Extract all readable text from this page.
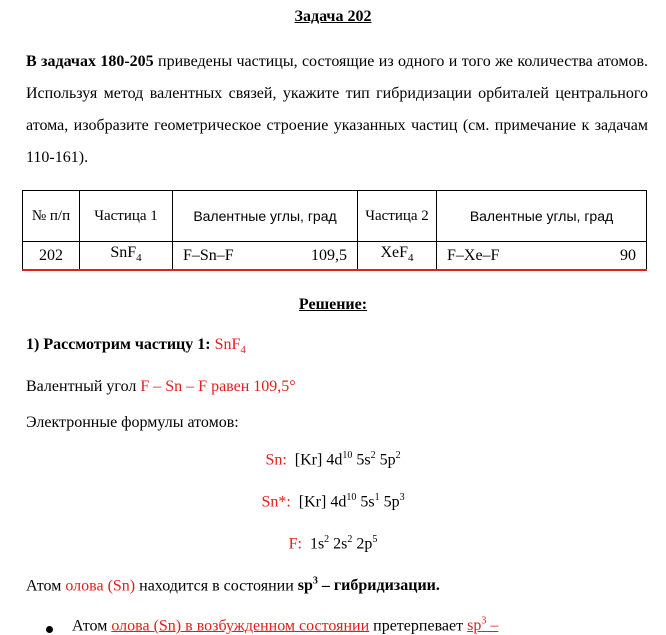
Задача 202
В задачах 180-205 приведены частицы, состоящие из одного и того же количества атомов. Используя метод валентных связей, укажите тип гибридизации орбиталей центрального атома, изобразите геометрическое строение указанных частиц (см. примечание к задачам 110-161).
№ п/п	Частица 1	Валентные углы, град	Частица 2	Валентные углы, град
202	SnF$_4$	F–Sn–F 109,5	XeF$_4$	F–Xe–F 90
Решение:
1) Рассмотрим частицу 1: SnF$_4$
Валентный угол F – Sn – F равен 109,5°
Электронные формулы атомов:
Sn: [Kr] $4d^{10}$ $5s^2$ $5p^2$
Sn*: [Kr] $4d^{10}$ $5s^1$ $5p^3$
F: $1s^2$ $2s^2$ $2p^5$
Атом олова (Sn) находится в состоянии $sp^3$ – гибридизации.
Атом олова (Sn) в возбужденном состоянии претерпевает $sp^3$ –
